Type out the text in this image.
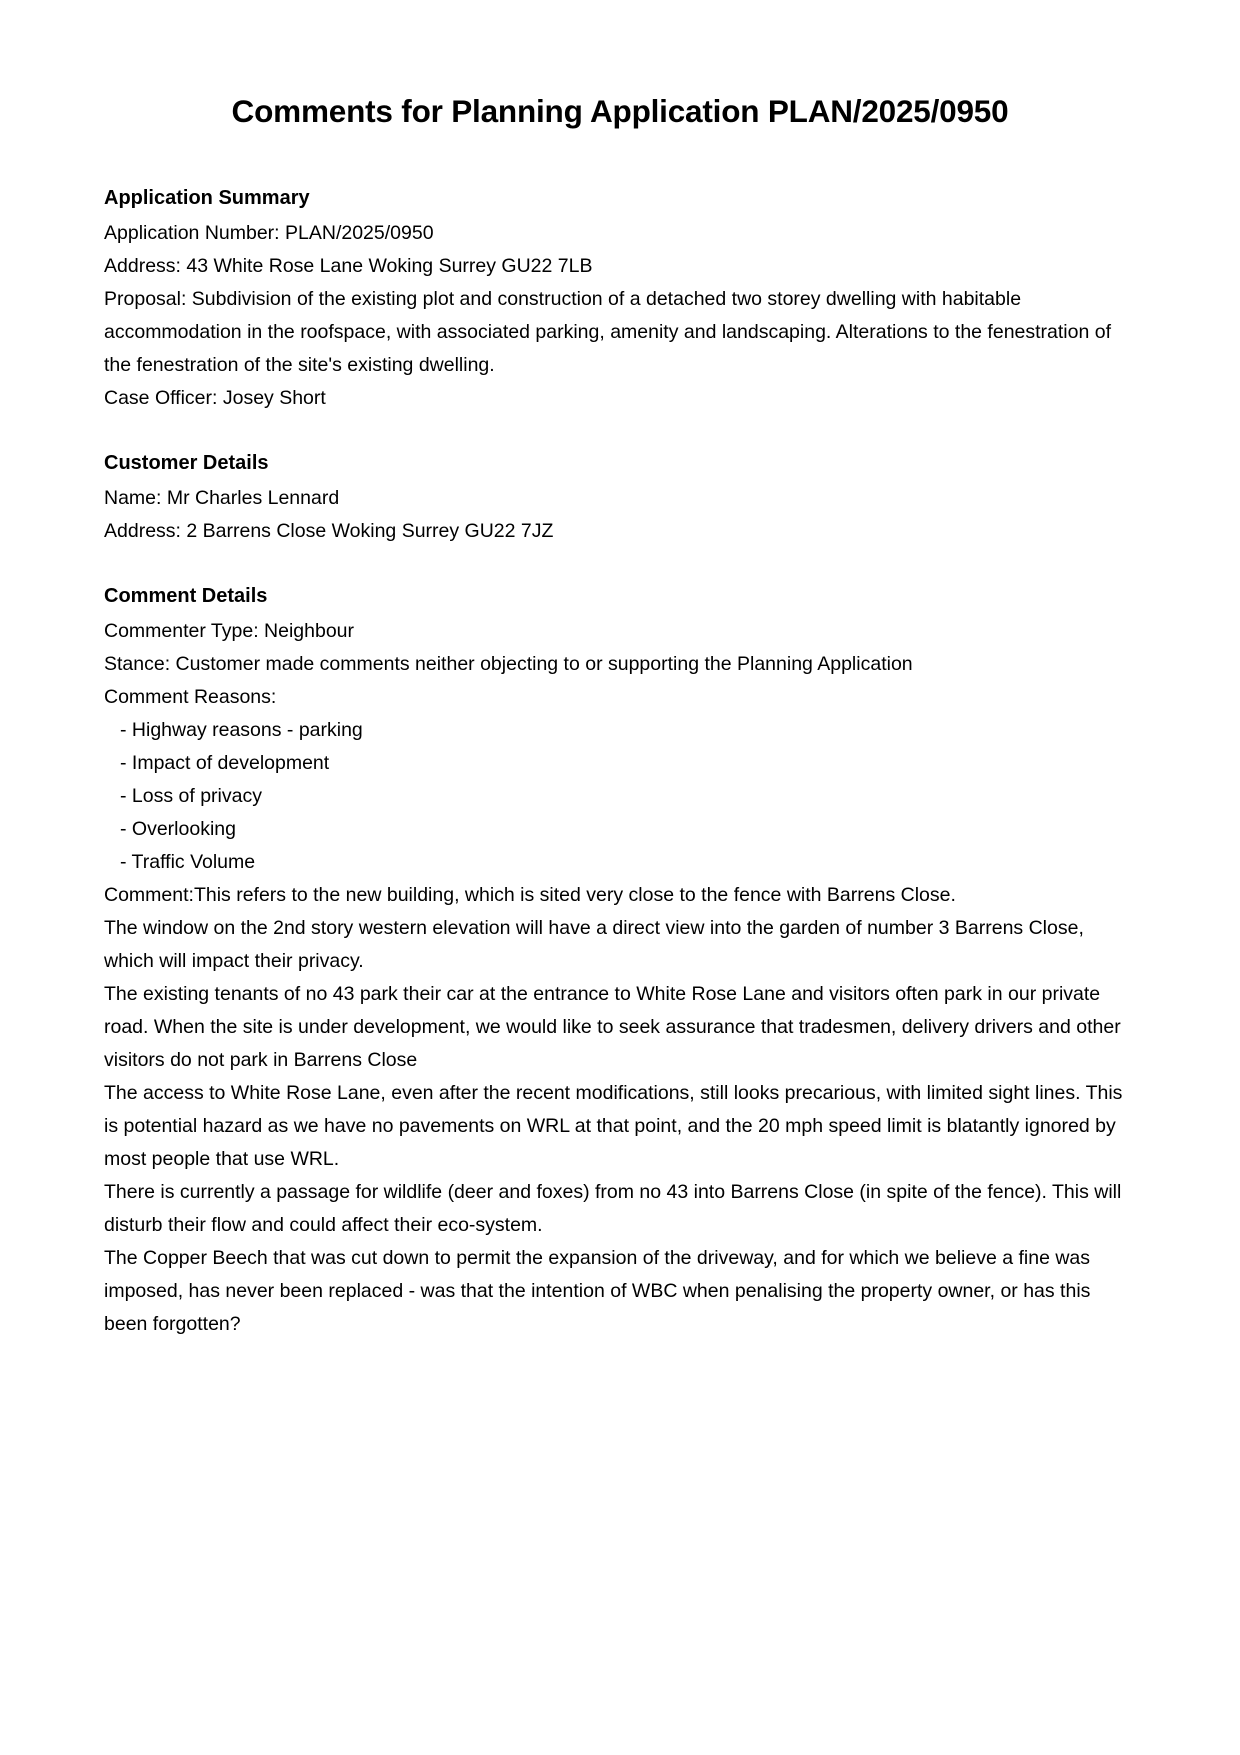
Comments for Planning Application PLAN/2025/0950
Application Summary

Application Number: PLAN/2025/0950

Address: 43 White Rose Lane Woking Surrey GU22 7LB

Proposal: Subdivision of the existing plot and construction of a detached two storey dwelling with habitable accommodation in the roofspace, with associated parking, amenity and landscaping. Alterations to the fenestration of the fenestration of the site's existing dwelling.

Case Officer: Josey Short

Customer Details

Name: Mr Charles Lennard

Address: 2 Barrens Close Woking Surrey GU22 7JZ

Comment Details

Commenter Type: Neighbour

Stance: Customer made comments neither objecting to or supporting the Planning Application

Comment Reasons:

- Highway reasons - parking

- Impact of development

- Loss of privacy

- Overlooking

- Traffic Volume

Comment:This refers to the new building, which is sited very close to the fence with Barrens Close.

The window on the 2nd story western elevation will have a direct view into the garden of number 3 Barrens Close, which will impact their privacy.

The existing tenants of no 43 park their car at the entrance to White Rose Lane and visitors often park in our private road. When the site is under development, we would like to seek assurance that tradesmen, delivery drivers and other visitors do not park in Barrens Close

The access to White Rose Lane, even after the recent modifications, still looks precarious, with limited sight lines. This is potential hazard as we have no pavements on WRL at that point, and the 20 mph speed limit is blatantly ignored by most people that use WRL.

There is currently a passage for wildlife (deer and foxes) from no 43 into Barrens Close (in spite of the fence). This will disturb their flow and could affect their eco-system.

The Copper Beech that was cut down to permit the expansion of the driveway, and for which we believe a fine was imposed, has never been replaced - was that the intention of WBC when penalising the property owner, or has this been forgotten?
